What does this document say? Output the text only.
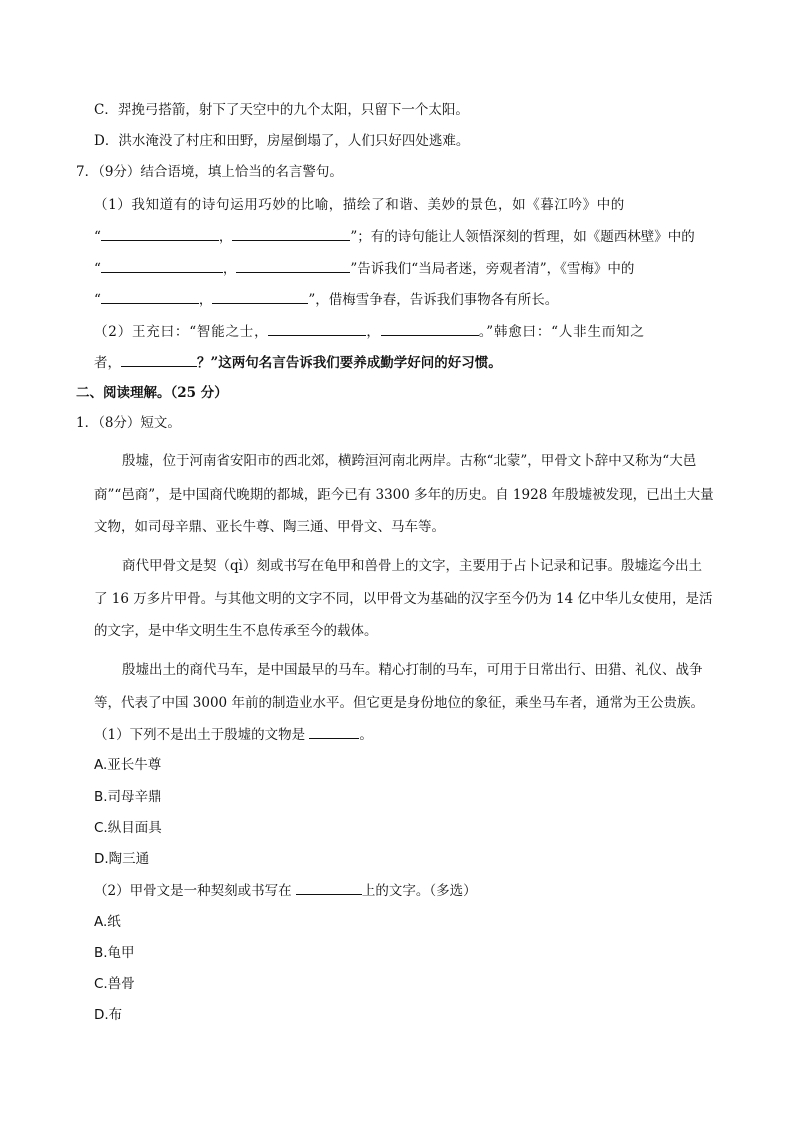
C．羿挽弓搭箭，射下了天空中的九个太阳，只留下一个太阳。
D．洪水淹没了村庄和田野，房屋倒塌了，人们只好四处逃难。
7．（9分）结合语境，填上恰当的名言警句。
（1）我知道有的诗句运用巧妙的比喻，描绘了和谐、美妙的景色，如《暮江吟》中的
“	，	”；有的诗句能让人领悟深刻的哲理，如《题西林壁》中的
“	，	”告诉我们“当局者迷，旁观者清”，《雪梅》中的
“	，	”，借梅雪争春，告诉我们事物各有所长。
（2）王充曰：“智能之士，	，	。”韩愈曰：“人非生而知之
者，	？”这两句名言告诉我们要养成勤学好问的好习惯。
二、阅读理解。（25 分）
1．（8分）短文。
殷墟，位于河南省安阳市的西北郊，横跨洹河南北两岸。古称“北蒙”，甲骨文卜辞中又称为“大邑
商”“邑商”，是中国商代晚期的都城，距今已有 3300 多年的历史。自 1928 年殷墟被发现，已出土大量
文物，如司母辛鼎、亚长牛尊、陶三通、甲骨文、马车等。
商代甲骨文是契（qì）刻或书写在龟甲和兽骨上的文字，主要用于占卜记录和记事。殷墟迄今出土
了 16 万多片甲骨。与其他文明的文字不同，以甲骨文为基础的汉字至今仍为 14 亿中华儿女使用，是活
的文字，是中华文明生生不息传承至今的载体。
殷墟出土的商代马车，是中国最早的马车。精心打制的马车，可用于日常出行、田猎、礼仪、战争
等，代表了中国 3000 年前的制造业水平。但它更是身份地位的象征，乘坐马车者，通常为王公贵族。
（1）下列不是出土于殷墟的文物是	。
A.亚长牛尊
B.司母辛鼎
C.纵目面具
D.陶三通
（2）甲骨文是一种契刻或书写在	上的文字。（多选）
A.纸
B.龟甲
C.兽骨
D.布
